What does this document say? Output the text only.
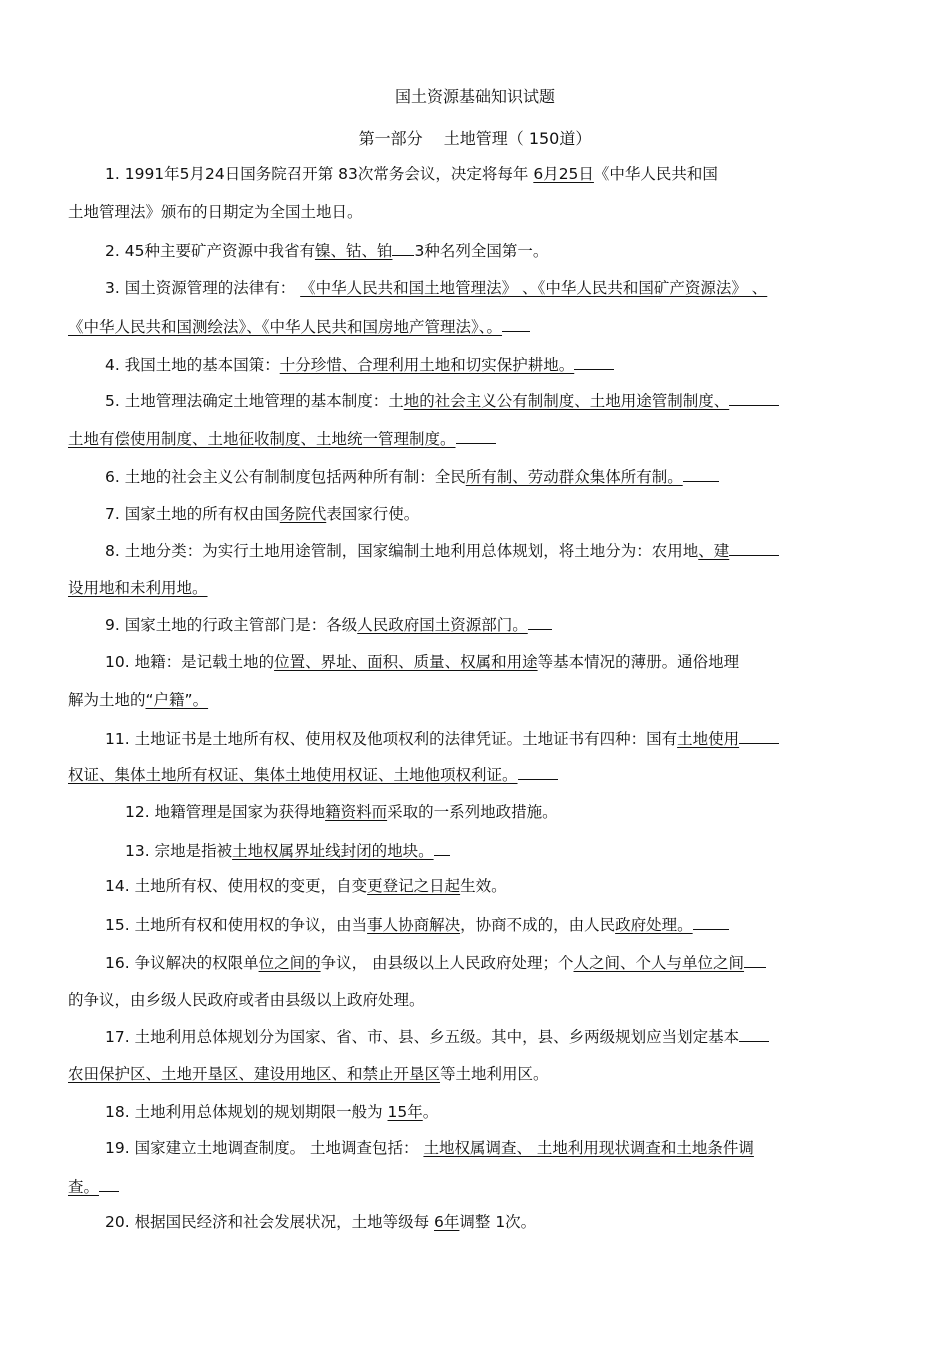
国土资源基础知识试题
第一部分　 土地管理（ 150道）
1. 1991年5月24日国务院召开第 83次常务会议，决定将每年 6月25日《中华人民共和国
土地管理法》颁布的日期定为全国土地日。
2. 45种主要矿产资源中我省有镍、钴、铂 3种名列全国第一。
3. 国土资源管理的法律有： 《中华人民共和国土地管理法》 、《中华人民共和国矿产资源法》 、
《中华人民共和国测绘法》、《中华人民共和国房地产管理法》、。
4. 我国土地的基本国策：十分珍惜、合理利用土地和切实保护耕地。
5. 土地管理法确定土地管理的基本制度：土地的社会主义公有制制度、土地用途管制制度、
土地有偿使用制度、土地征收制度、土地统一管理制度。
6. 土地的社会主义公有制制度包括两种所有制：全民所有制、劳动群众集体所有制。
7. 国家土地的所有权由国务院代表国家行使。
8. 土地分类：为实行土地用途管制，国家编制土地利用总体规划，将土地分为：农用地、建
设用地和未利用地。
9. 国家土地的行政主管部门是：各级人民政府国土资源部门。
10. 地籍：是记载土地的位置、界址、面积、质量、权属和用途等基本情况的薄册。通俗地理
解为土地的“户籍”。
11. 土地证书是土地所有权、使用权及他项权利的法律凭证。土地证书有四种：国有土地使用
权证、集体土地所有权证、集体土地使用权证、土地他项权利证。
12. 地籍管理是国家为获得地籍资料而采取的一系列地政措施。
13. 宗地是指被土地权属界址线封闭的地块。
14. 土地所有权、使用权的变更，自变更登记之日起生效。
15. 土地所有权和使用权的争议，由当事人协商解决，协商不成的，由人民政府处理。
16. 争议解决的权限单位之间的争议， 由县级以上人民政府处理；个人之间、个人与单位之间
的争议，由乡级人民政府或者由县级以上政府处理。
17. 土地利用总体规划分为国家、省、市、县、乡五级。其中，县、乡两级规划应当划定基本
农田保护区、土地开垦区、建设用地区、和禁止开垦区等土地利用区。
18. 土地利用总体规划的规划期限一般为 15年。
19. 国家建立土地调查制度。 土地调查包括： 土地权属调查、 土地利用现状调查和土地条件调
查。
20. 根据国民经济和社会发展状况，土地等级每 6年调整 1次。
